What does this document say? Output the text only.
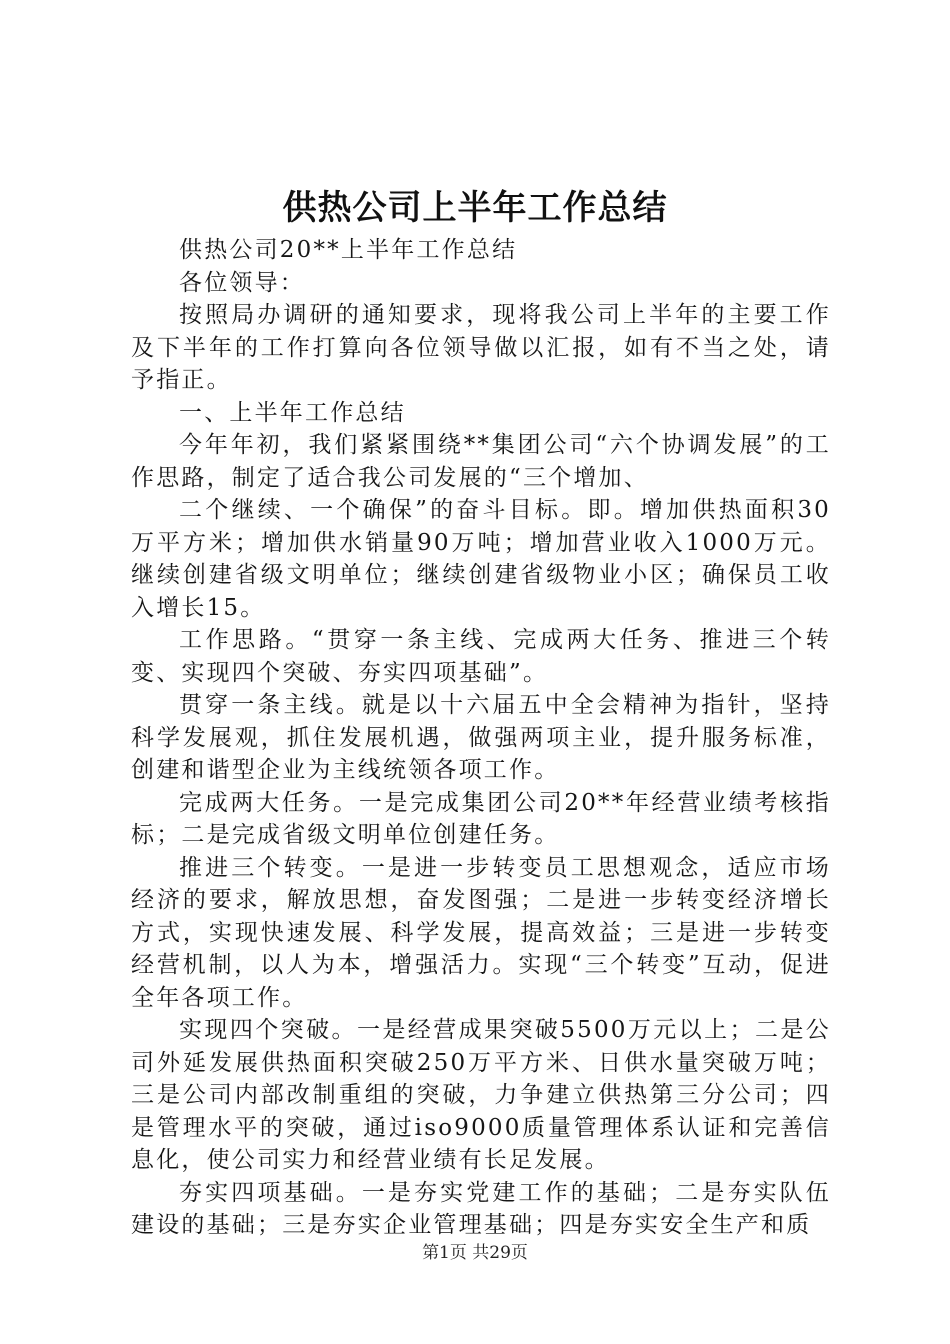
供热公司上半年工作总结

供热公司20**上半年工作总结

各位领导：

按照局办调研的通知要求，现将我公司上半年的主要工作及下半年的工作打算向各位领导做以汇报，如有不当之处，请予指正。

一、上半年工作总结

今年年初，我们紧紧围绕**集团公司“六个协调发展”的工作思路，制定了适合我公司发展的“三个增加、

二个继续、一个确保”的奋斗目标。即。增加供热面积30万平方米；增加供水销量90万吨；增加营业收入1000万元。继续创建省级文明单位；继续创建省级物业小区；确保员工收入增长15。

工作思路。“贯穿一条主线、完成两大任务、推进三个转变、实现四个突破、夯实四项基础”。

贯穿一条主线。就是以十六届五中全会精神为指针，坚持科学发展观，抓住发展机遇，做强两项主业，提升服务标准，创建和谐型企业为主线统领各项工作。

完成两大任务。一是完成集团公司20**年经营业绩考核指标；二是完成省级文明单位创建任务。

推进三个转变。一是进一步转变员工思想观念，适应市场经济的要求，解放思想，奋发图强；二是进一步转变经济增长方式，实现快速发展、科学发展，提高效益；三是进一步转变经营机制，以人为本，增强活力。实现“三个转变”互动，促进全年各项工作。

实现四个突破。一是经营成果突破5500万元以上；二是公司外延发展供热面积突破250万平方米、日供水量突破万吨；三是公司内部改制重组的突破，力争建立供热第三分公司；四是管理水平的突破，通过iso9000质量管理体系认证和完善信息化，使公司实力和经营业绩有长足发展。

夯实四项基础。一是夯实党建工作的基础；二是夯实队伍建设的基础；三是夯实企业管理基础；四是夯实安全生产和质

第1页 共29页
